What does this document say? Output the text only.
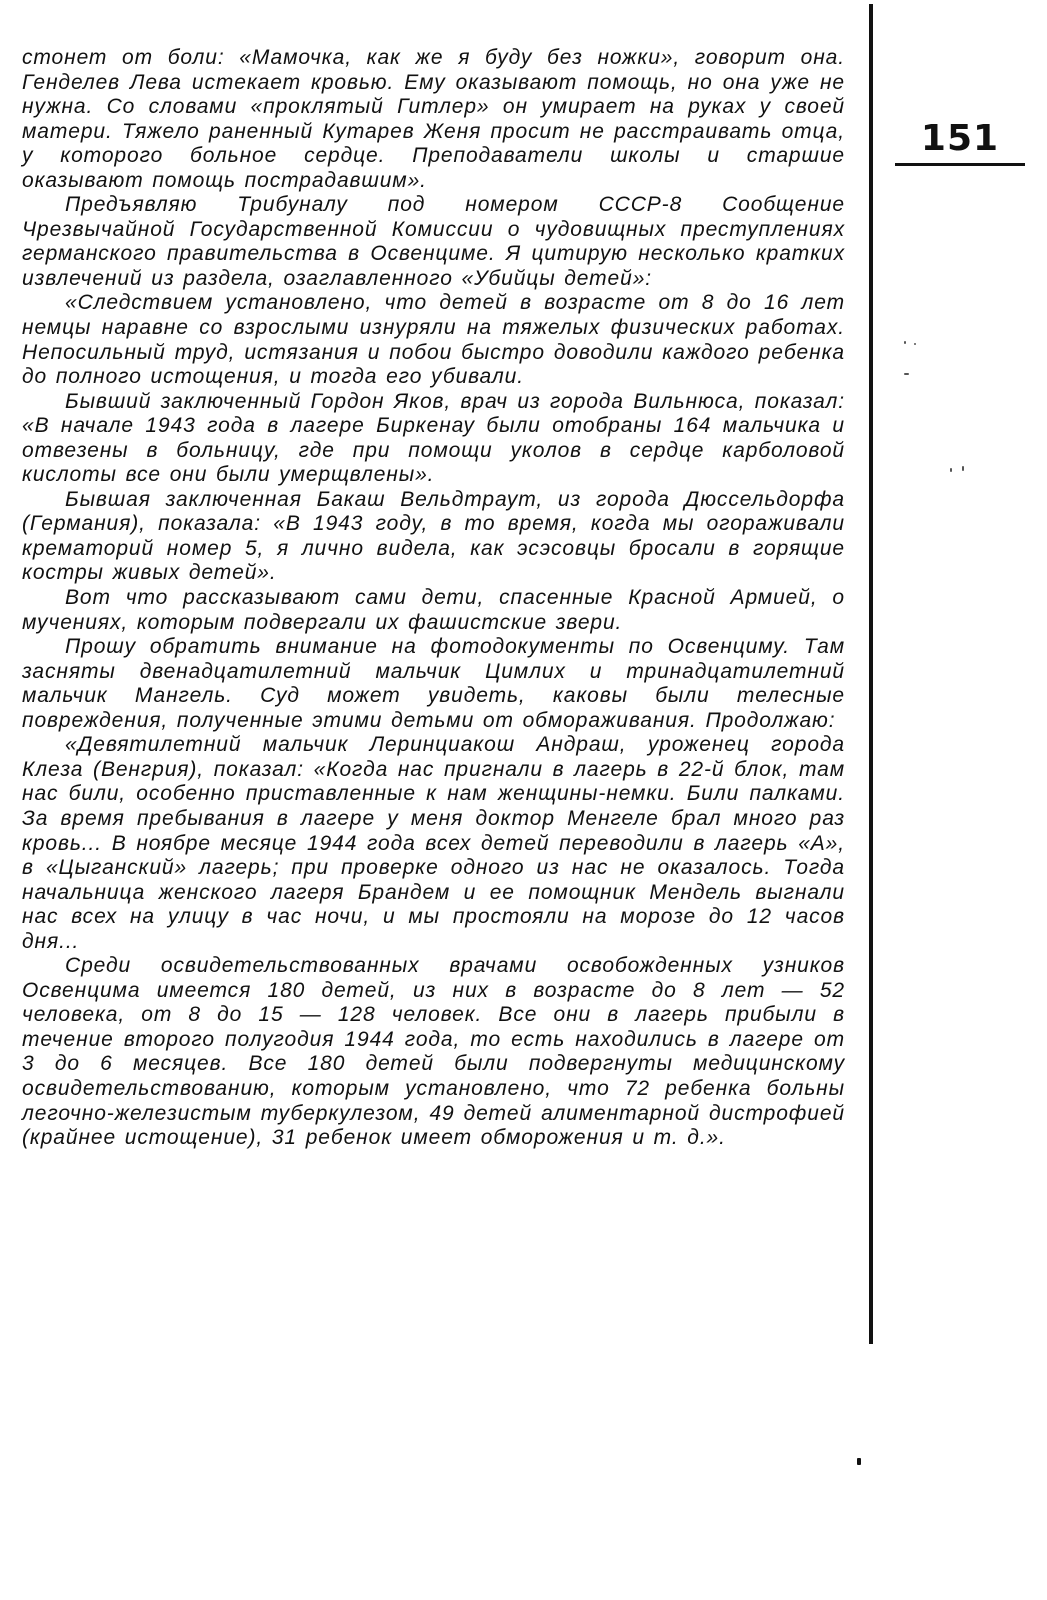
стонет от боли: «Мамочка, как же я буду без ножки», говорит она. Генделев Лева истекает кровью. Ему оказывают помощь, но она уже не нужна. Со словами «проклятый Гитлер» он умирает на руках у своей матери. Тяжело раненный Кутарев Женя просит не расстраивать отца, у которого больное сердце. Преподаватели школы и старшие оказывают помощь пострадавшим».

Предъявляю Трибуналу под номером СССР-8 Сообщение Чрезвычайной Государственной Комиссии о чудовищных преступлениях германского правительства в Освенциме. Я цитирую несколько кратких извлечений из раздела, озаглавленного «Убийцы детей»:

«Следствием установлено, что детей в возрасте от 8 до 16 лет немцы наравне со взрослыми изнуряли на тяжелых физических работах. Непосильный труд, истязания и побои быстро доводили каждого ребенка до полного истощения, и тогда его убивали.

Бывший заключенный Гордон Яков, врач из города Вильнюса, показал: «В начале 1943 года в лагере Биркенау были отобраны 164 мальчика и отвезены в больницу, где при помощи уколов в сердце карболовой кислоты все они были умерщвлены».

Бывшая заключенная Бакаш Вельдтраут, из города Дюссельдорфа (Германия), показала: «В 1943 году, в то время, когда мы огораживали крематорий номер 5, я лично видела, как эсэсовцы бросали в горящие костры живых детей».

Вот что рассказывают сами дети, спасенные Красной Армией, о мучениях, которым подвергали их фашистские звери.

Прошу обратить внимание на фотодокументы по Освенциму. Там засняты двенадцатилетний мальчик Цимлих и тринадцатилетний мальчик Мангель. Суд может увидеть, каковы были телесные повреждения, полученные этими детьми от обмораживания. Продолжаю:

«Девятилетний мальчик Леринциакош Андраш, уроженец города Клеза (Венгрия), показал: «Когда нас пригнали в лагерь в 22-й блок, там нас били, особенно приставленные к нам женщины-немки. Били палками. За время пребывания в лагере у меня доктор Менгеле брал много раз кровь... В ноябре месяце 1944 года всех детей переводили в лагерь «А», в «Цыганский» лагерь; при проверке одного из нас не оказалось. Тогда начальница женского лагеря Брандем и ее помощник Мендель выгнали нас всех на улицу в час ночи, и мы простояли на морозе до 12 часов дня...

Среди освидетельствованных врачами освобожденных узников Освенцима имеется 180 детей, из них в возрасте до 8 лет — 52 человека, от 8 до 15 — 128 человек. Все они в лагерь прибыли в течение второго полугодия 1944 года, то есть находились в лагере от 3 до 6 месяцев. Все 180 детей были подвергнуты медицинскому освидетельствованию, которым установлено, что 72 ребенка больны легочно-железистым туберкулезом, 49 детей алиментарной дистрофией (крайнее истощение), 31 ребенок имеет обморожения и т. д.».

151
